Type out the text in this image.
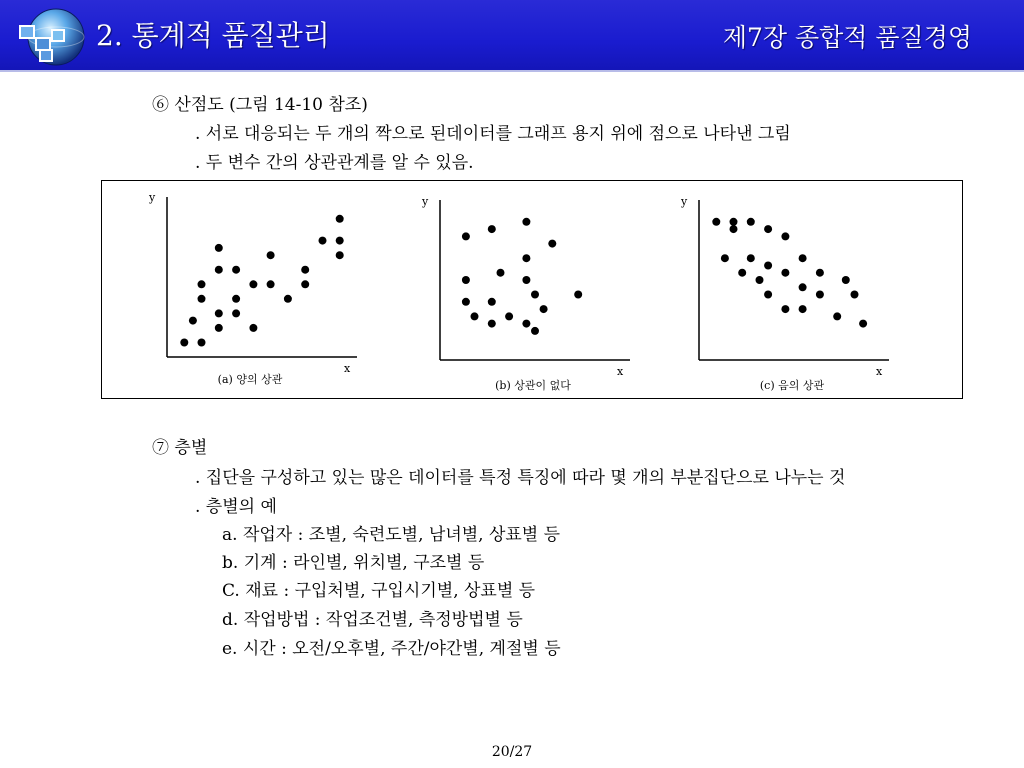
2. 통계적 품질관리	제7장 종합적 품질경영
⑥ 산점도 (그림 14-10 참조)
. 서로 대응되는 두 개의 짝으로 된데이터를 그래프 용지 위에 점으로 나타낸 그림
. 두 변수 간의 상관관계를 알 수 있음.
y
x
(a) 양의 상관
y
x
(b) 상관이 없다
y
x
(c) 음의 상관
⑦ 층별
. 집단을 구성하고 있는 많은 데이터를 특정 특징에 따라 몇 개의 부분집단으로 나누는 것
. 층별의 예
a. 작업자 : 조별, 숙련도별, 남녀별, 상표별 등
b. 기계 : 라인별, 위치별, 구조별 등
C. 재료 : 구입처별, 구입시기별, 상표별 등
d. 작업방법 : 작업조건별, 측정방법별 등
e. 시간 : 오전/오후별, 주간/야간별, 계절별 등
20/27
